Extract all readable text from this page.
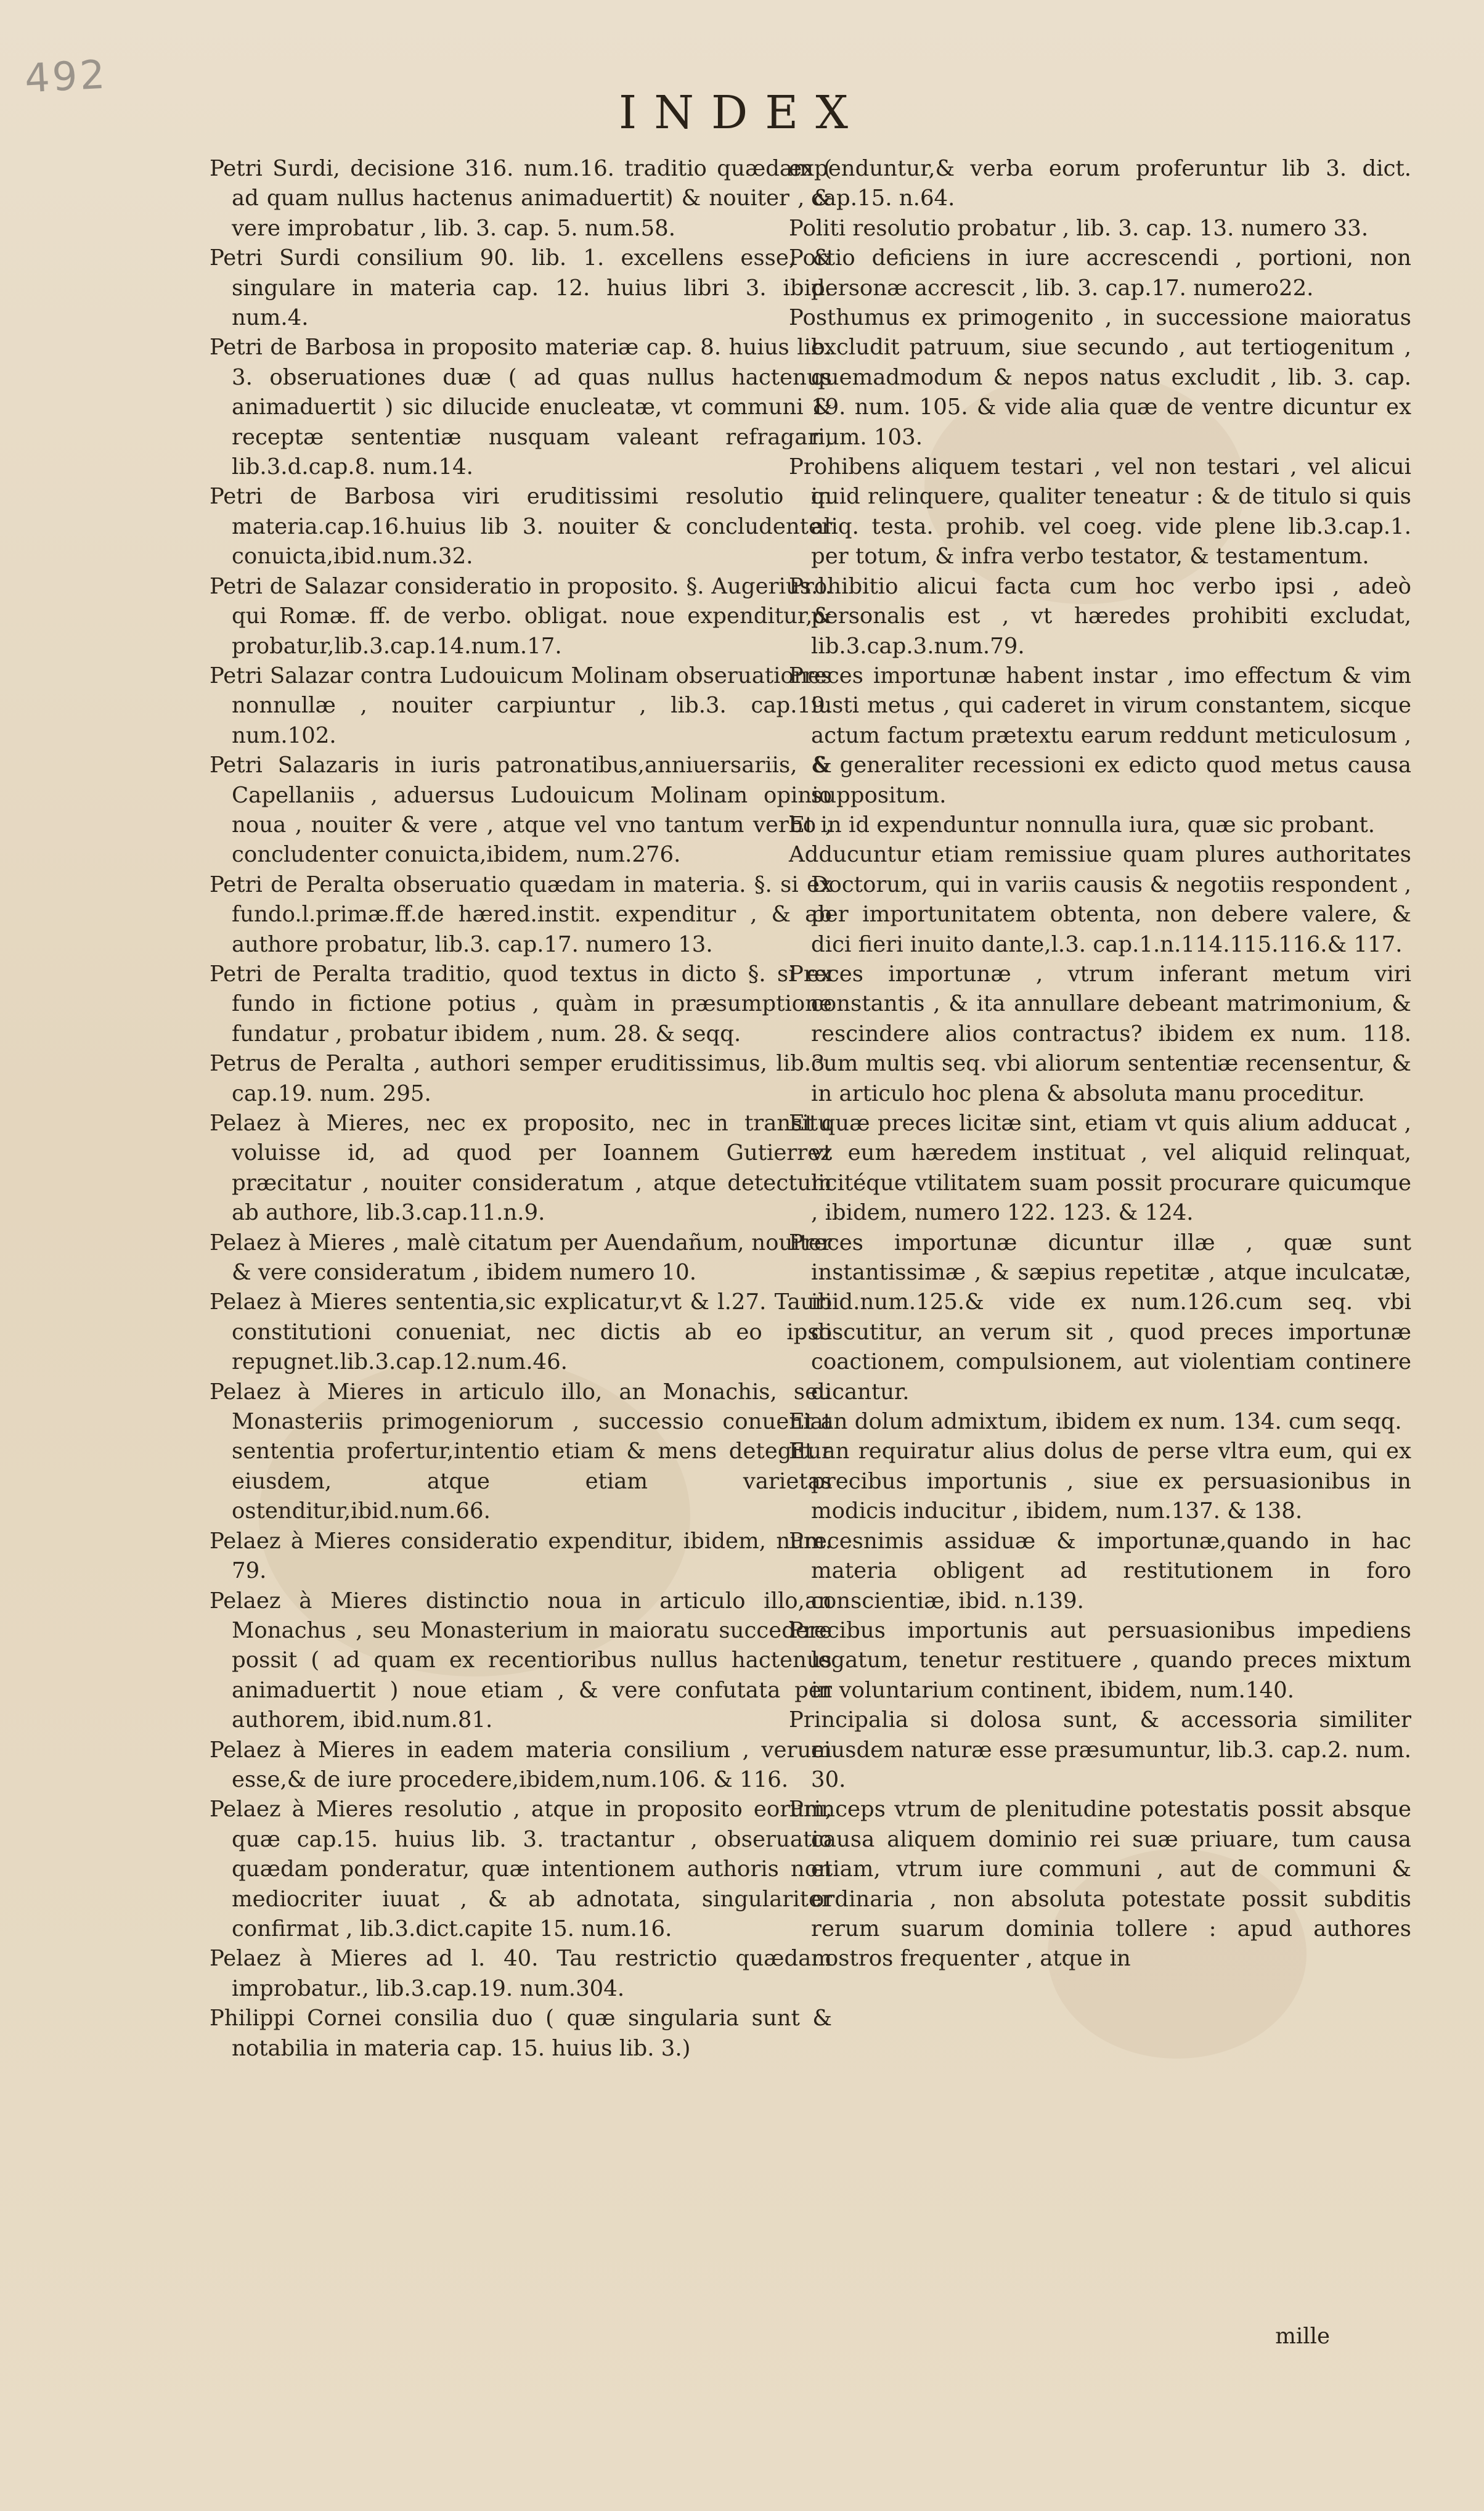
492
INDEX

Petri Surdi, decisione 316. num.16. traditio quædam ( ad quam nullus hactenus animaduertit) & nouiter , & vere improbatur , lib. 3. cap. 5. num.58.

Petri Surdi consilium 90. lib. 1. excellens esse, & singulare in materia cap. 12. huius libri 3. ibid. num.4.

Petri de Barbosa in proposito materiæ cap. 8. huius lib. 3. obseruationes duæ ( ad quas nullus hactenus animaduertit ) sic dilucide enucleatæ, vt communi & receptæ sententiæ nusquam valeant refragari, lib.3.d.cap.8. num.14.

Petri de Barbosa viri eruditissimi resolutio in materia.cap.16.huius lib 3. nouiter & concludenter conuicta,ibid.num.32.

Petri de Salazar consideratio in proposito. §. Augerius.l. qui Romæ. ff. de verbo. obligat. noue expenditur,& probatur,lib.3.cap.14.num.17.

Petri Salazar contra Ludouicum Molinam obseruationes nonnullæ , nouiter carpiuntur , lib.3. cap.19. num.102.

Petri Salazaris in iuris patronatibus,anniuersariis, & Capellaniis , aduersus Ludouicum Molinam opinio noua , nouiter & vere , atque vel vno tantum verbo , concludenter conuicta,ibidem, num.276.

Petri de Peralta obseruatio quædam in materia. §. si ex fundo.l.primæ.ff.de hæred.instit. expenditur , & ab authore probatur, lib.3. cap.17. numero 13.

Petri de Peralta traditio, quod textus in dicto §. si ex fundo in fictione potius , quàm in præsumptione fundatur , probatur ibidem , num. 28. & seqq.

Petrus de Peralta , authori semper eruditissimus, lib.3. cap.19. num. 295.

Pelaez à Mieres, nec ex proposito, nec in transitu voluisse id, ad quod per Ioannem Gutierrez præcitatur , nouiter consideratum , atque detectum ab authore, lib.3.cap.11.n.9.

Pelaez à Mieres , malè citatum per Auendañum, nouiter & vere consideratum , ibidem numero 10.

Pelaez à Mieres sententia,sic explicatur,vt & l.27. Tauri constitutioni conueniat, nec dictis ab eo ipso repugnet.lib.3.cap.12.num.46.

Pelaez à Mieres in articulo illo, an Monachis, seu Monasteriis primogeniorum , successio conueniat sententia profertur,intentio etiam & mens detegitur eiusdem, atque etiam varietas ostenditur,ibid.num.66.

Pelaez à Mieres consideratio expenditur, ibidem, num. 79.

Pelaez à Mieres distinctio noua in articulo illo,an Monachus , seu Monasterium in maioratu succedere possit ( ad quam ex recentioribus nullus hactenus animaduertit ) noue etiam , & vere confutata per authorem, ibid.num.81.

Pelaez à Mieres in eadem materia consilium , verum esse,& de iure procedere,ibidem,num.106. & 116.

Pelaez à Mieres resolutio , atque in proposito eorum, quæ cap.15. huius lib. 3. tractantur , obseruatio quædam ponderatur, quæ intentionem authoris non mediocriter iuuat , & ab adnotata, singulariter confirmat , lib.3.dict.capite 15. num.16.

Pelaez à Mieres ad l. 40. Tau restrictio quædam improbatur., lib.3.cap.19. num.304.

Philippi Cornei consilia duo ( quæ singularia sunt & notabilia in materia cap. 15. huius lib. 3.)

expenduntur,& verba eorum proferuntur lib 3. dict. cap.15. n.64.

Politi resolutio probatur , lib. 3. cap. 13. numero 33.

Portio deficiens in iure accrescendi , portioni, non personæ accrescit , lib. 3. cap.17. numero22.

Posthumus ex primogenito , in successione maioratus excludit patruum, siue secundo , aut tertiogenitum , quemadmodum & nepos natus excludit , lib. 3. cap. 19. num. 105. & vide alia quæ de ventre dicuntur ex num. 103.

Prohibens aliquem testari , vel non testari , vel alicui quid relinquere, qualiter teneatur : & de titulo si quis aliq. testa. prohib. vel coeg. vide plene lib.3.cap.1. per totum, & infra verbo testator, & testamentum.

Prohibitio alicui facta cum hoc verbo ipsi , adeò personalis est , vt hæredes prohibiti excludat, lib.3.cap.3.num.79.

Preces importunæ habent instar , imo effectum & vim iusti metus , qui caderet in virum constantem, sicque actum factum prætextu earum reddunt meticulosum , & generaliter recessioni ex edicto quod metus causa suppositum.

Et in id expenduntur nonnulla iura, quæ sic probant.

Adducuntur etiam remissiue quam plures authoritates Doctorum, qui in variis causis & negotiis respondent , per importunitatem obtenta, non debere valere, & dici fieri inuito dante,l.3. cap.1.n.114.115.116.& 117.

Preces importunæ , vtrum inferant metum viri constantis , & ita annullare debeant matrimonium, & rescindere alios contractus? ibidem ex num. 118. cum multis seq. vbi aliorum sententiæ recensentur, & in articulo hoc plena & absoluta manu proceditur.

Et quæ preces licitæ sint, etiam vt quis alium adducat , vt eum hæredem instituat , vel aliquid relinquat, licitéque vtilitatem suam possit procurare quicumque , ibidem, numero 122. 123. & 124.

Preces importunæ dicuntur illæ , quæ sunt instantissimæ , & sæpius repetitæ , atque inculcatæ, ibid.num.125.& vide ex num.126.cum seq. vbi discutitur, an verum sit , quod preces importunæ coactionem, compulsionem, aut violentiam continere dicantur.

Et an dolum admixtum, ibidem ex num. 134. cum seqq.

Et an requiratur alius dolus de perse vltra eum, qui ex precibus importunis , siue ex persuasionibus in modicis inducitur , ibidem, num.137. & 138.

Precesnimis assiduæ & importunæ,quando in hac materia obligent ad restitutionem in foro conscientiæ, ibid. n.139.

Precibus importunis aut persuasionibus impediens legatum, tenetur restituere , quando preces mixtum in voluntarium continent, ibidem, num.140.

Principalia si dolosa sunt, & accessoria similiter eiusdem naturæ esse præsumuntur, lib.3. cap.2. num. 30.

Princeps vtrum de plenitudine potestatis possit absque causa aliquem dominio rei suæ priuare, tum causa etiam, vtrum iure communi , aut de communi & ordinaria , non absoluta potestate possit subditis rerum suarum dominia tollere : apud authores nostros frequenter , atque in

mille
